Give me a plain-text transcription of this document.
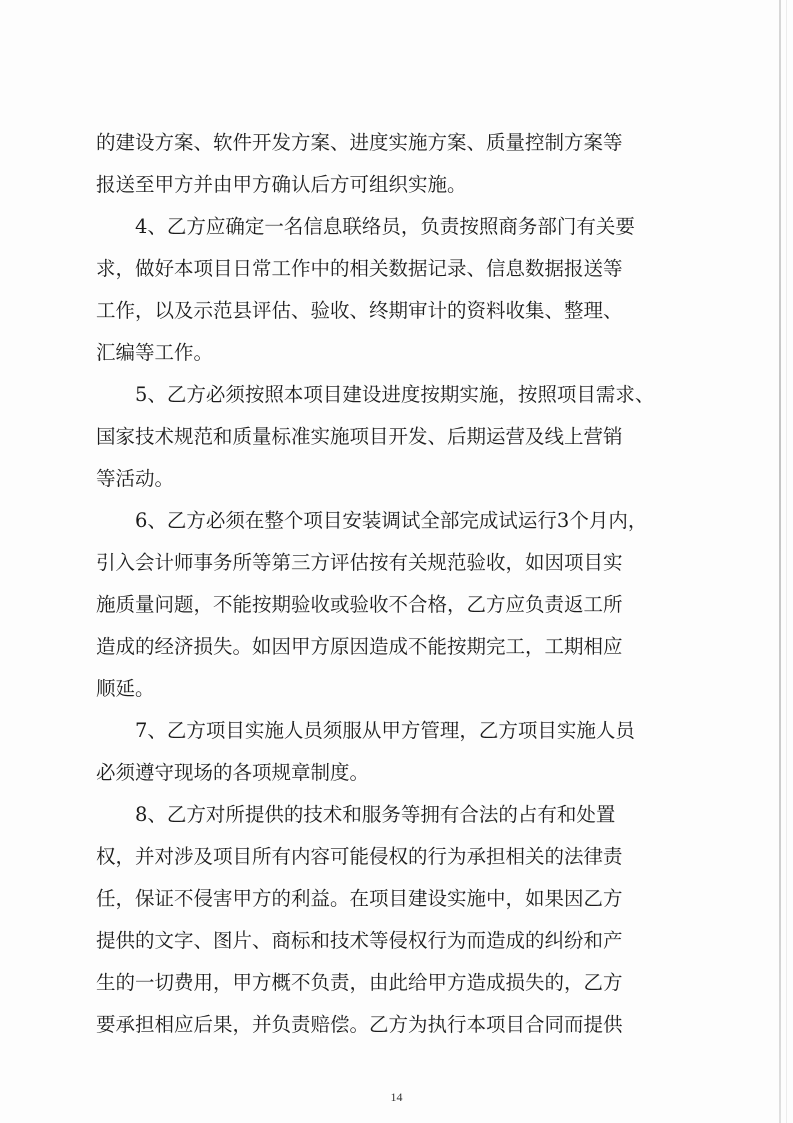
的建设方案、软件开发方案、进度实施方案、质量控制方案等
报送至甲方并由甲方确认后方可组织实施。
4、乙方应确定一名信息联络员，负责按照商务部门有关要
求，做好本项目日常工作中的相关数据记录、信息数据报送等
工作，以及示范县评估、验收、终期审计的资料收集、整理、
汇编等工作。
5、乙方必须按照本项目建设进度按期实施，按照项目需求、
国家技术规范和质量标准实施项目开发、后期运营及线上营销
等活动。
6、乙方必须在整个项目安装调试全部完成试运行3个月内，
引入会计师事务所等第三方评估按有关规范验收，如因项目实
施质量问题，不能按期验收或验收不合格，乙方应负责返工所
造成的经济损失。如因甲方原因造成不能按期完工，工期相应
顺延。
7、乙方项目实施人员须服从甲方管理，乙方项目实施人员
必须遵守现场的各项规章制度。
8、乙方对所提供的技术和服务等拥有合法的占有和处置
权，并对涉及项目所有内容可能侵权的行为承担相关的法律责
任，保证不侵害甲方的利益。在项目建设实施中，如果因乙方
提供的文字、图片、商标和技术等侵权行为而造成的纠纷和产
生的一切费用，甲方概不负责，由此给甲方造成损失的，乙方
要承担相应后果，并负责赔偿。乙方为执行本项目合同而提供
14
